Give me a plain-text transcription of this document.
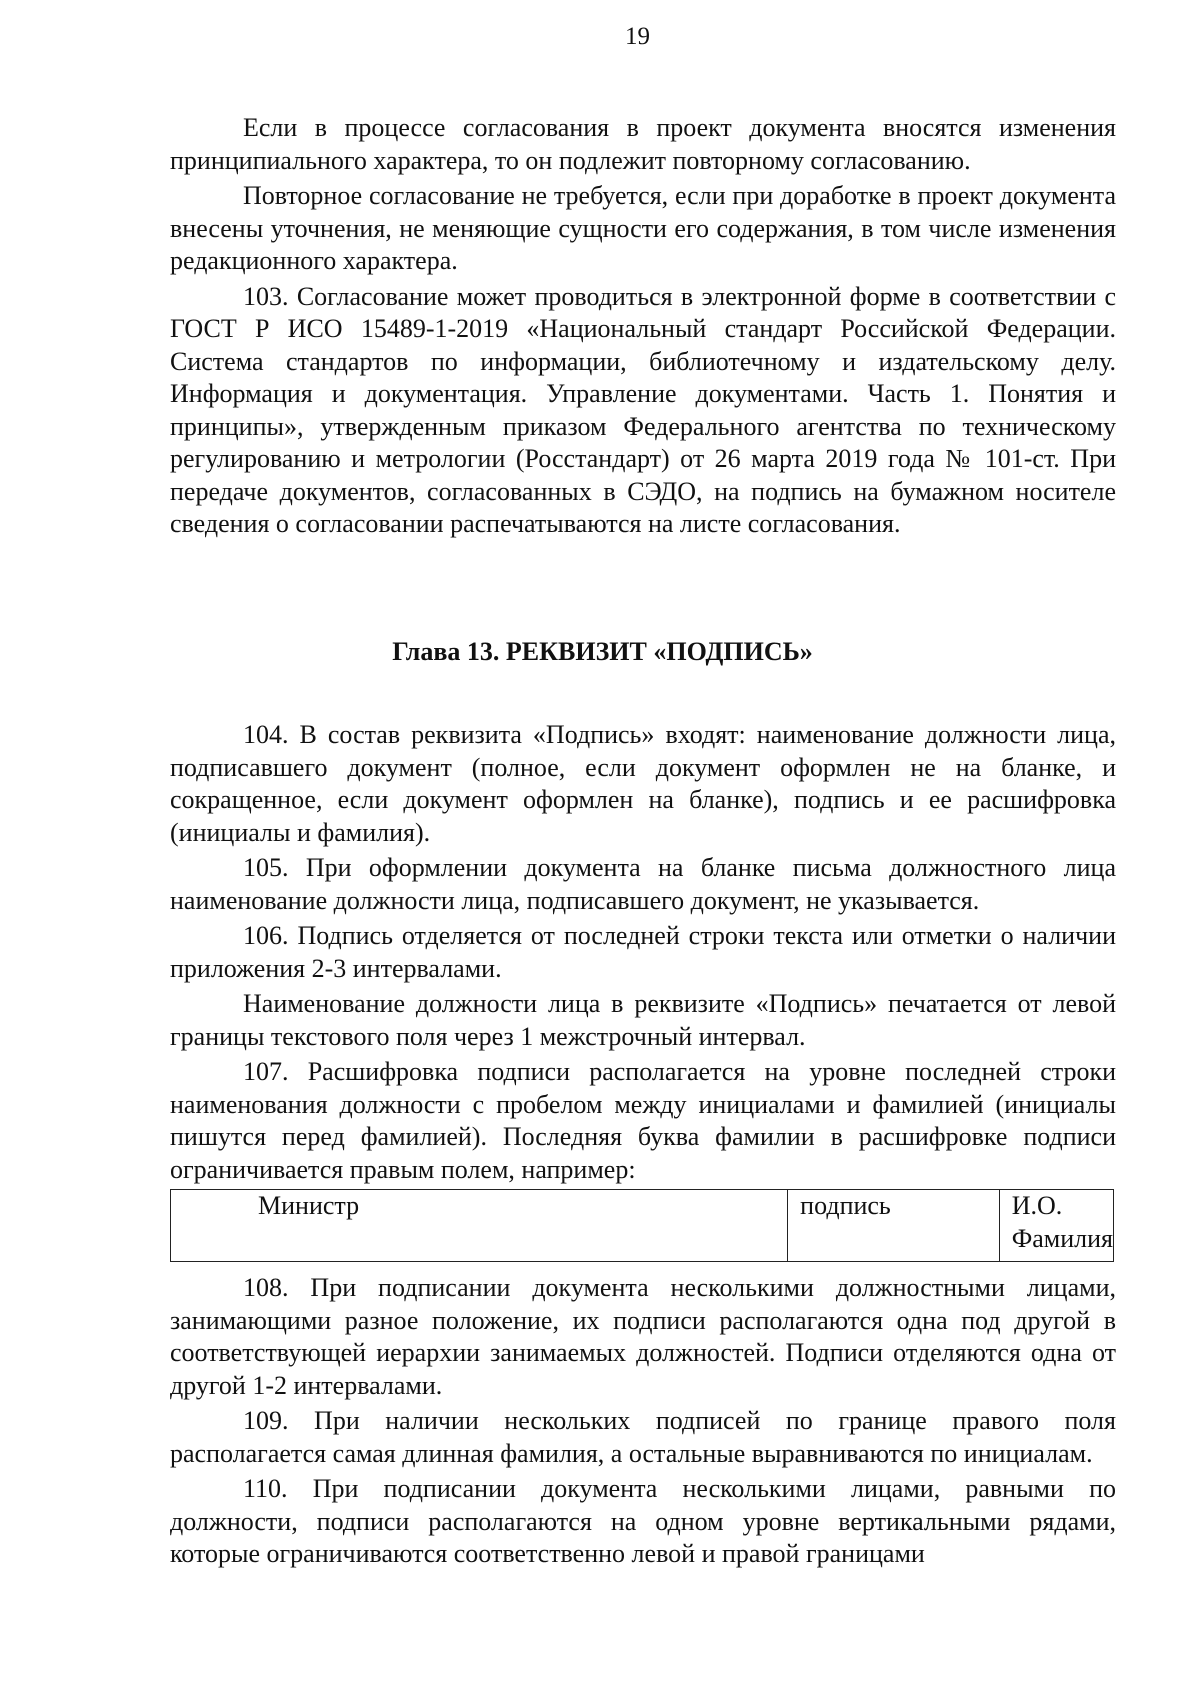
19

Если в процессе согласования в проект документа вносятся изменения принципиального характера, то он подлежит повторному согласованию.

Повторное согласование не требуется, если при доработке в проект документа внесены уточнения, не меняющие сущности его содержания, в том числе изменения редакционного характера.

103. Согласование может проводиться в электронной форме в соответствии с ГОСТ Р ИСО 15489-1-2019 «Национальный стандарт Российской Федерации. Система стандартов по информации, библиотечному и издательскому делу. Информация и документация. Управление документами. Часть 1. Понятия и принципы», утвержденным приказом Федерального агентства по техническому регулированию и метрологии (Росстандарт) от 26 марта 2019 года № 101-ст. При передаче документов, согласованных в СЭДО, на подпись на бумажном носителе сведения о согласовании распечатываются на листе согласования.

Глава 13. РЕКВИЗИТ «ПОДПИСЬ»

104. В состав реквизита «Подпись» входят: наименование должности лица, подписавшего документ (полное, если документ оформлен не на бланке, и сокращенное, если документ оформлен на бланке), подпись и ее расшифровка (инициалы и фамилия).

105. При оформлении документа на бланке письма должностного лица наименование должности лица, подписавшего документ, не указывается.

106. Подпись отделяется от последней строки текста или отметки о наличии приложения 2-3 интервалами.

Наименование должности лица в реквизите «Подпись» печатается от левой границы текстового поля через 1 межстрочный интервал.

107. Расшифровка подписи располагается на уровне последней строки наименования должности с пробелом между инициалами и фамилией (инициалы пишутся перед фамилией). Последняя буква фамилии в расшифровке подписи ограничивается правым полем, например:

Министр	подпись	И.О. Фамилия

108. При подписании документа несколькими должностными лицами, занимающими разное положение, их подписи располагаются одна под другой в соответствующей иерархии занимаемых должностей. Подписи отделяются одна от другой 1-2 интервалами.

109. При наличии нескольких подписей по границе правого поля располагается самая длинная фамилия, а остальные выравниваются по инициалам.

110. При подписании документа несколькими лицами, равными по должности, подписи располагаются на одном уровне вертикальными рядами, которые ограничиваются соответственно левой и правой границами
